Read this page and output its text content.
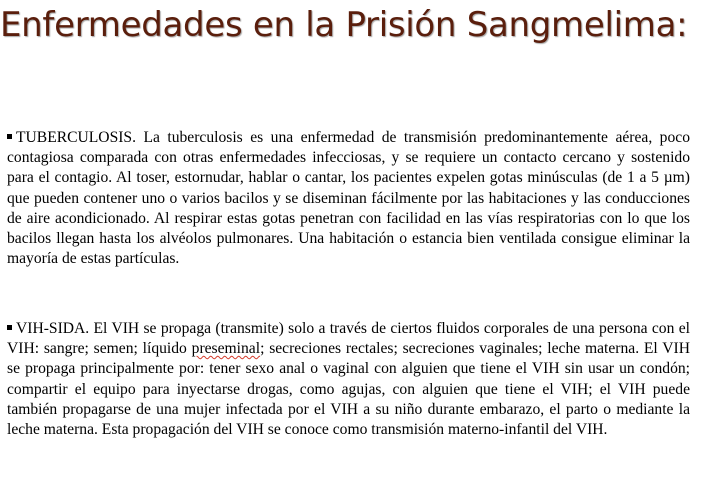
Enfermedades en la Prisión Sangmelima:

TUBERCULOSIS. La tuberculosis es una enfermedad de transmisión predominantemente aérea, poco contagiosa comparada con otras enfermedades infecciosas, y se requiere un contacto cercano y sostenido para el contagio. Al toser, estornudar, hablar o cantar, los pacientes expelen gotas minúsculas (de 1 a 5 µm) que pueden contener uno o varios bacilos y se diseminan fácilmente por las habitaciones y las conducciones de aire acondicionado. Al respirar estas gotas penetran con facilidad en las vías respiratorias con lo que los bacilos llegan hasta los alvéolos pulmonares. Una habitación o estancia bien ventilada consigue eliminar la mayoría de estas partículas.

VIH-SIDA. El VIH se propaga (transmite) solo a través de ciertos fluidos corporales de una persona con el VIH: sangre; semen; líquido preseminal; secreciones rectales; secreciones vaginales; leche materna. El VIH se propaga principalmente por: tener sexo anal o vaginal con alguien que tiene el VIH sin usar un condón; compartir el equipo para inyectarse drogas, como agujas, con alguien que tiene el VIH; el VIH puede también propagarse de una mujer infectada por el VIH a su niño durante embarazo, el parto o mediante la leche materna. Esta propagación del VIH se conoce como transmisión materno-infantil del VIH.
